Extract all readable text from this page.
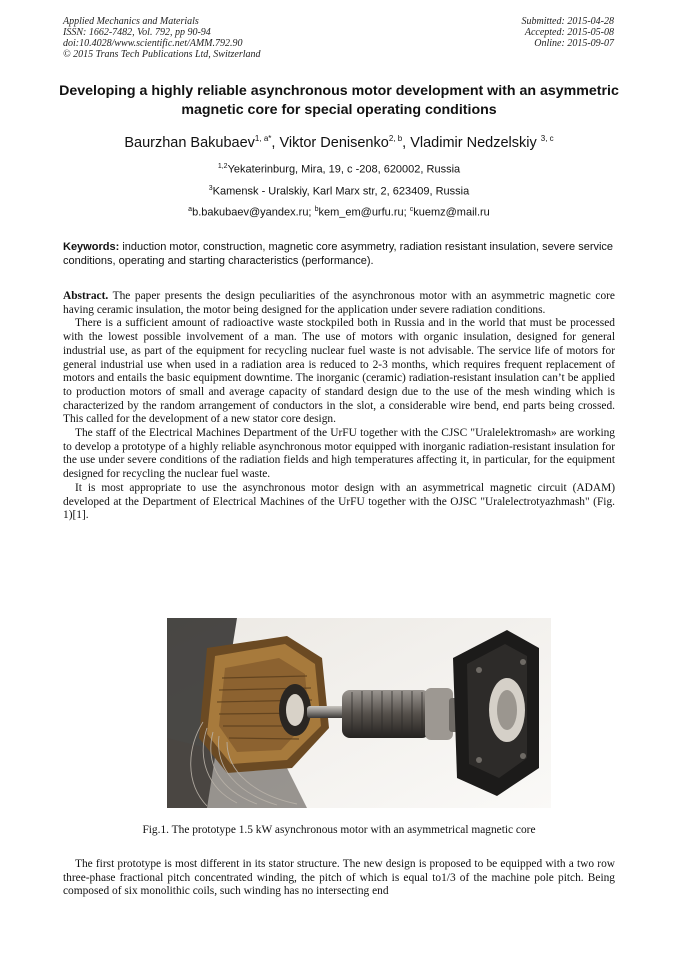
Applied Mechanics and Materials
ISSN: 1662-7482, Vol. 792, pp 90-94
doi:10.4028/www.scientific.net/AMM.792.90
© 2015 Trans Tech Publications Ltd, Switzerland
Submitted: 2015-04-28
Accepted: 2015-05-08
Online: 2015-09-07
Developing a highly reliable asynchronous motor development with an asymmetric magnetic core for special operating conditions
Baurzhan Bakubaev$^{1, a*}$, Viktor Denisenko$^{2, b}$, Vladimir Nedzelskiy $^{3, c}$
$^{1,2}$Yekaterinburg, Mira, 19, c -208, 620002, Russia
$^3$Kamensk - Uralskiy, Karl Marx str, 2, 623409, Russia
$^a$b.bakubaev@yandex.ru; $^b$kem_em@urfu.ru; $^c$kuemz@mail.ru
Keywords: induction motor, construction, magnetic core asymmetry, radiation resistant insulation, severe service conditions, operating and starting characteristics (performance).

Abstract. The paper presents the design peculiarities of the asynchronous motor with an asymmetric magnetic core having ceramic insulation, the motor being designed for the application under severe radiation conditions.

There is a sufficient amount of radioactive waste stockpiled both in Russia and in the world that must be processed with the lowest possible involvement of a man. The use of motors with organic insulation, designed for general industrial use, as part of the equipment for recycling nuclear fuel waste is not advisable. The service life of motors for general industrial use when used in a radiation area is reduced to 2-3 months, which requires frequent replacement of motors and entails the basic equipment downtime. The inorganic (ceramic) radiation-resistant insulation can’t be applied to production motors of small and average capacity of standard design due to the use of the mesh winding which is characterized by the random arrangement of conductors in the slot, a considerable wire bend, end parts being crossed. This called for the development of a new stator core design.

The staff of the Electrical Machines Department of the UrFU together with the CJSC "Uralelektromash» are working to develop a prototype of a highly reliable asynchronous motor equipped with inorganic radiation-resistant insulation for the use under severe conditions of the radiation fields and high temperatures affecting it, in particular, for the equipment designed for recycling the nuclear fuel waste.

It is most appropriate to use the asynchronous motor design with an asymmetrical magnetic circuit (ADAM) developed at the Department of Electrical Machines of the UrFU together with the OJSC "Uralelectrotyazhmash" (Fig. 1)[1].

Fig.1. The prototype 1.5 kW asynchronous motor with an asymmetrical magnetic core

The first prototype is most different in its stator structure. The new design is proposed to be equipped with a two row three-phase fractional pitch concentrated winding, the pitch of which is equal to1/3 of the machine pole pitch. Being composed of six monolithic coils, such winding has no intersecting end
